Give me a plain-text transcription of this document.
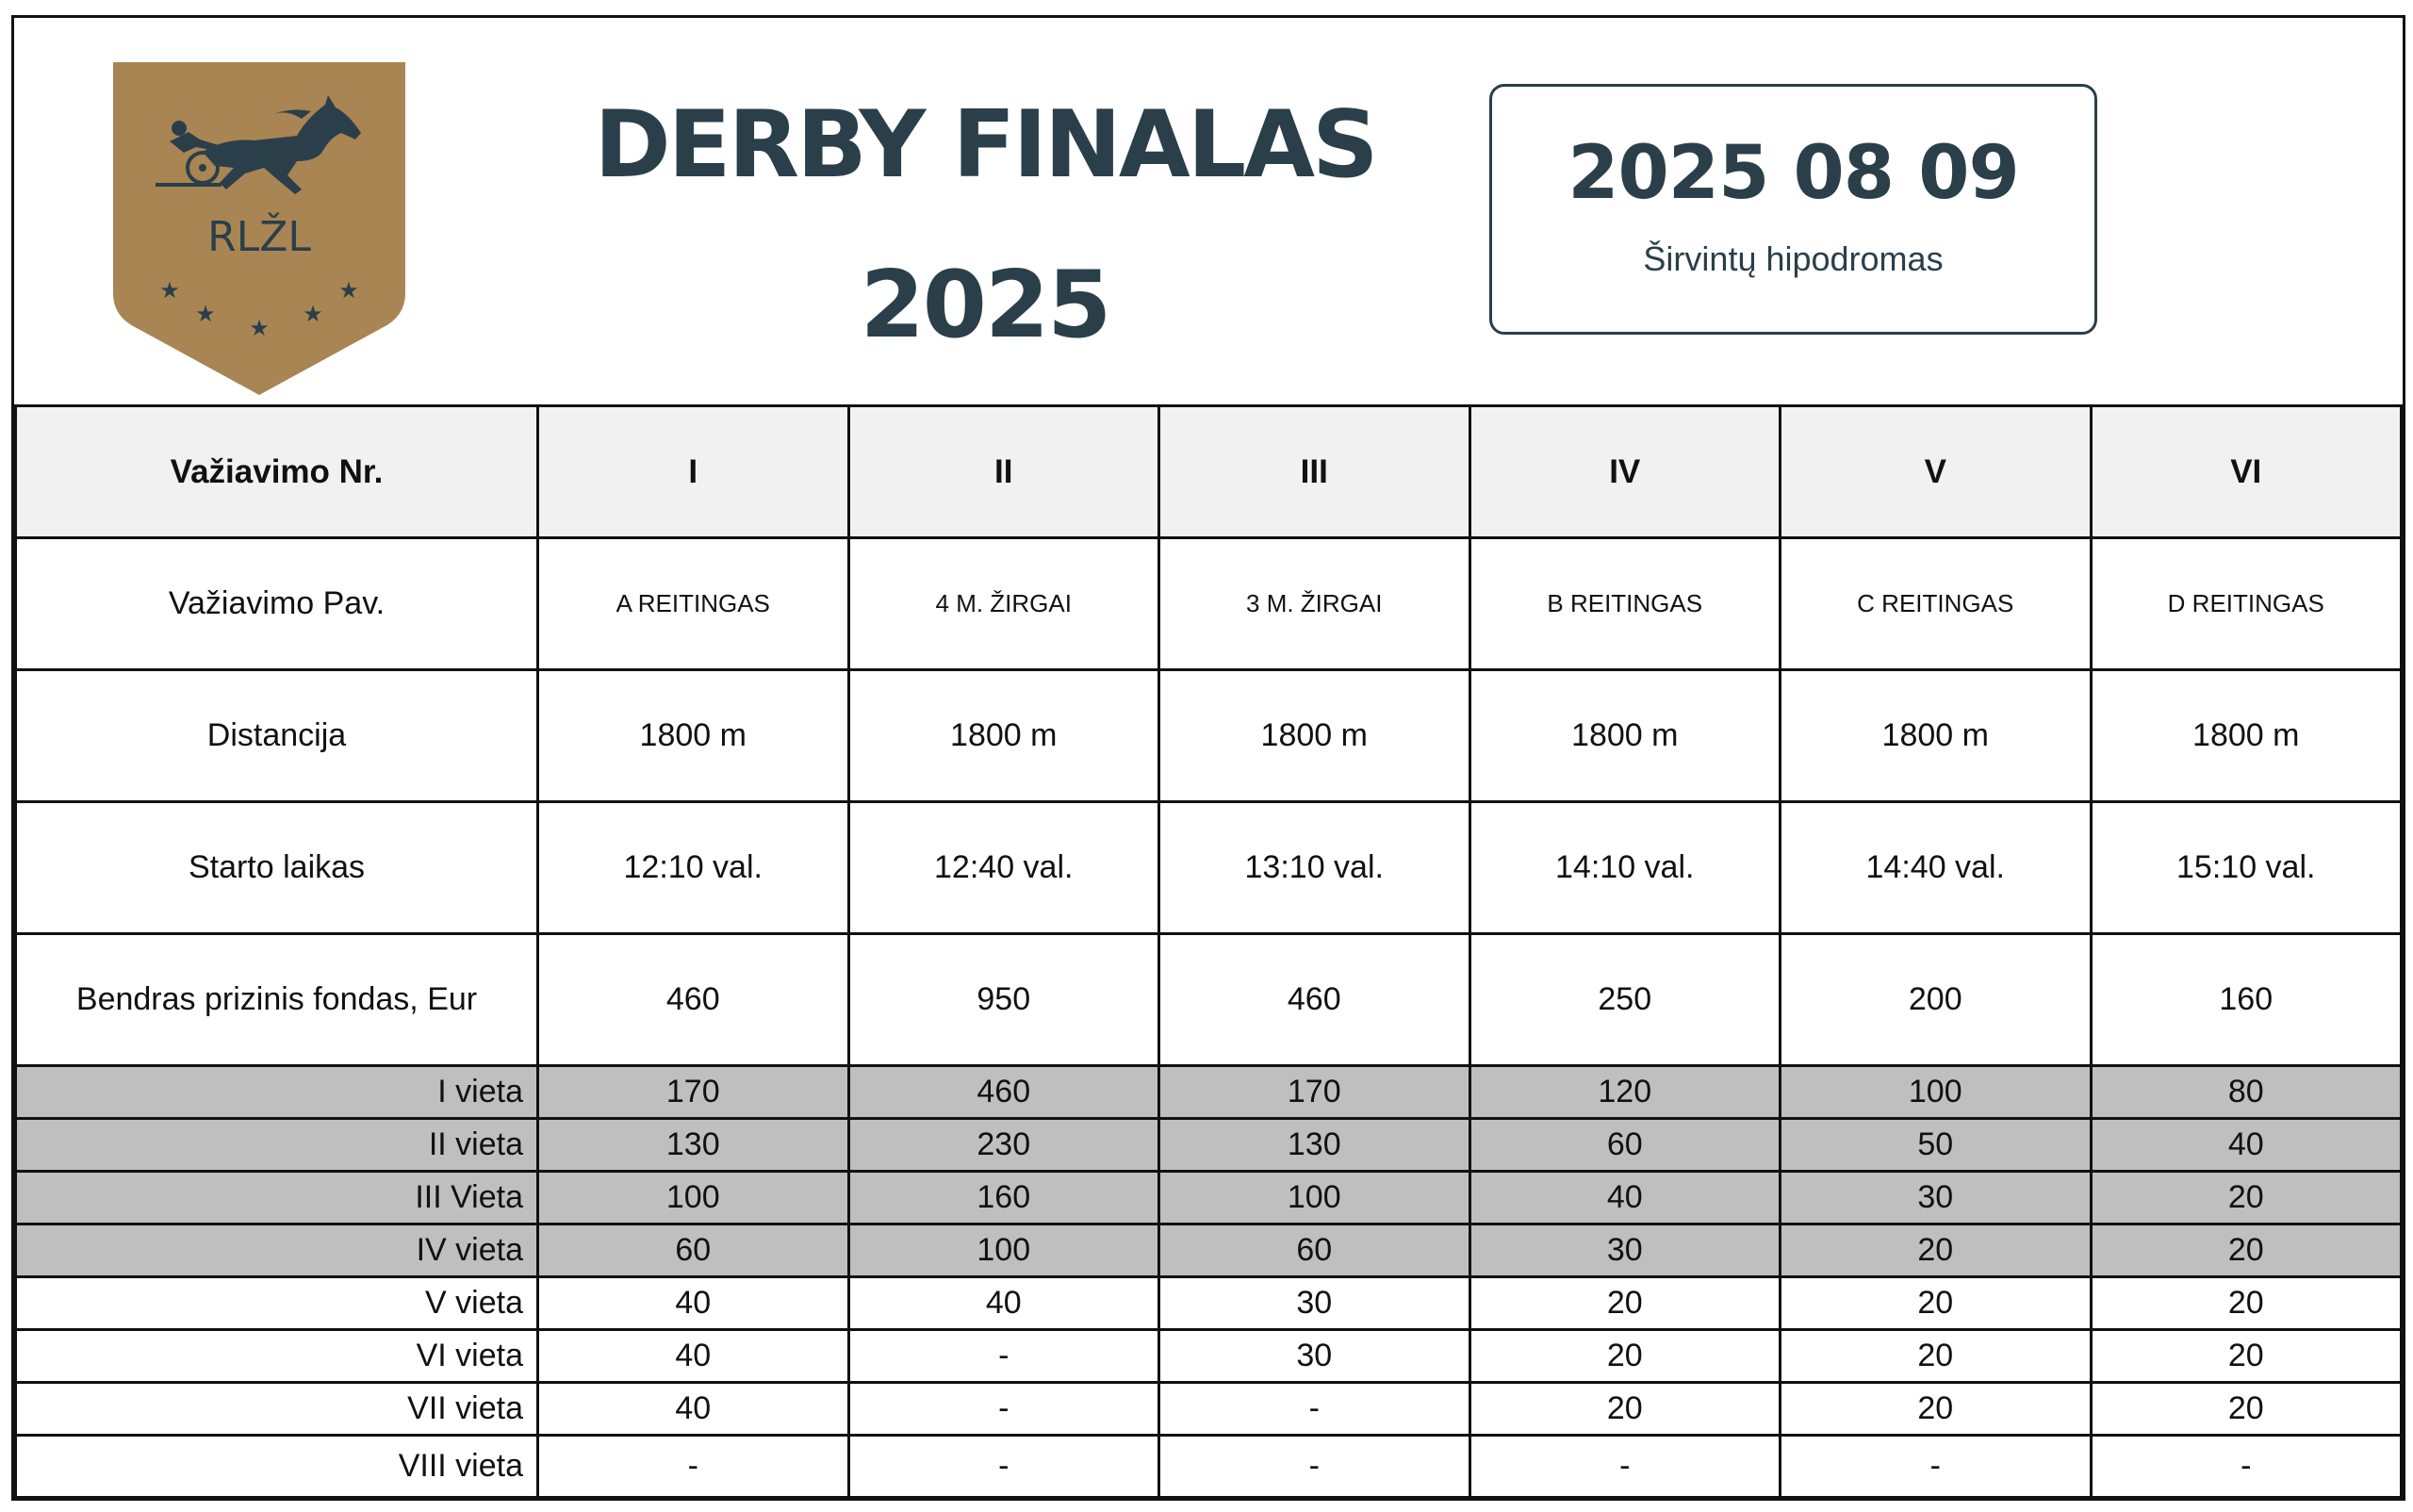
RLŽL
★
★
★
★
★
DERBY FINALAS
2025
2025 08 09
Širvintų hipodromas
Važiavimo Nr.	I	II	III	IV	V	VI
Važiavimo Pav.	A REITINGAS	4 M. ŽIRGAI	3 M. ŽIRGAI	B REITINGAS	C REITINGAS	D REITINGAS
Distancija	1800 m	1800 m	1800 m	1800 m	1800 m	1800 m
Starto laikas	12:10 val.	12:40 val.	13:10 val.	14:10 val.	14:40 val.	15:10 val.
Bendras prizinis fondas, Eur	460	950	460	250	200	160
I vieta	170	460	170	120	100	80
II vieta	130	230	130	60	50	40
III Vieta	100	160	100	40	30	20
IV vieta	60	100	60	30	20	20
V vieta	40	40	30	20	20	20
VI vieta	40	-	30	20	20	20
VII vieta	40	-	-	20	20	20
VIII vieta	-	-	-	-	-	-
